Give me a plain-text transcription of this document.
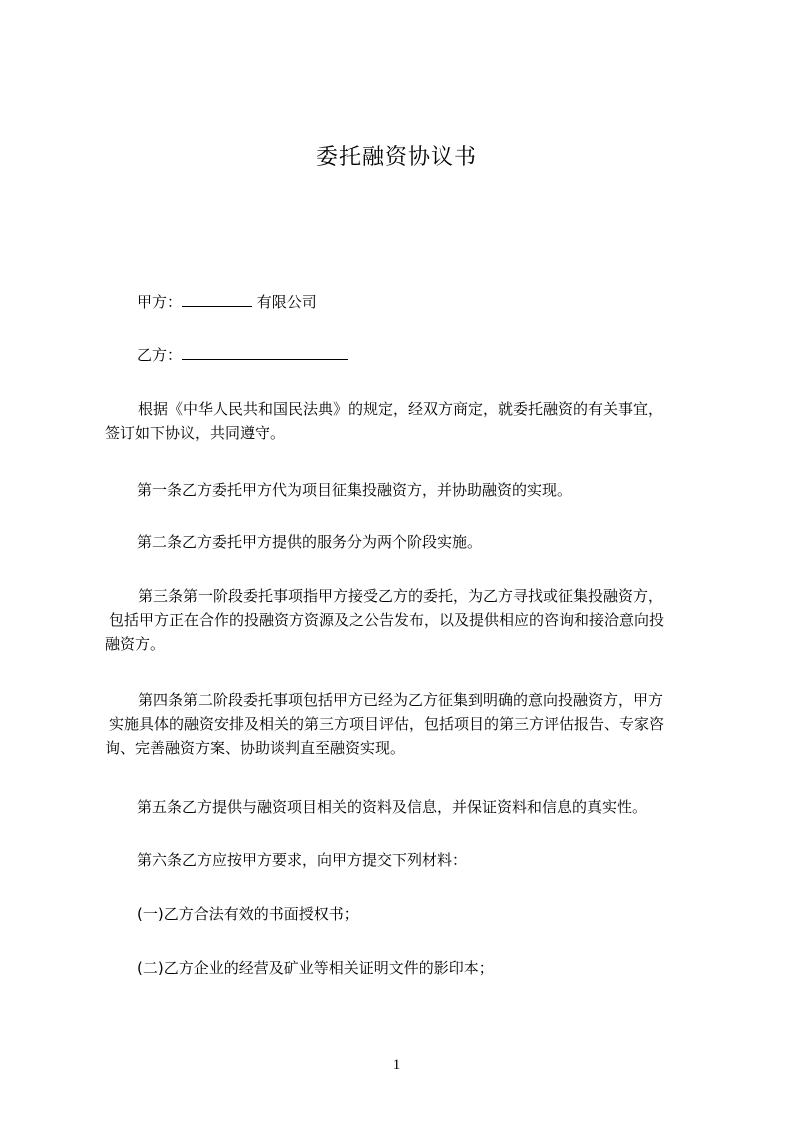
委托融资协议书
甲方：	有限公司
乙方：
根据《中华人民共和国民法典》的规定，经双方商定，就委托融资的有关事宜，
签订如下协议，共同遵守。
第一条乙方委托甲方代为项目征集投融资方，并协助融资的实现。
第二条乙方委托甲方提供的服务分为两个阶段实施。
第三条第一阶段委托事项指甲方接受乙方的委托，为乙方寻找或征集投融资方，
包括甲方正在合作的投融资方资源及之公告发布，以及提供相应的咨询和接洽意向投
融资方。
第四条第二阶段委托事项包括甲方已经为乙方征集到明确的意向投融资方，甲方
实施具体的融资安排及相关的第三方项目评估，包括项目的第三方评估报告、专家咨
询、完善融资方案、协助谈判直至融资实现。
第五条乙方提供与融资项目相关的资料及信息，并保证资料和信息的真实性。
第六条乙方应按甲方要求，向甲方提交下列材料：
(一)乙方合法有效的书面授权书；
(二)乙方企业的经营及矿业等相关证明文件的影印本；
1
